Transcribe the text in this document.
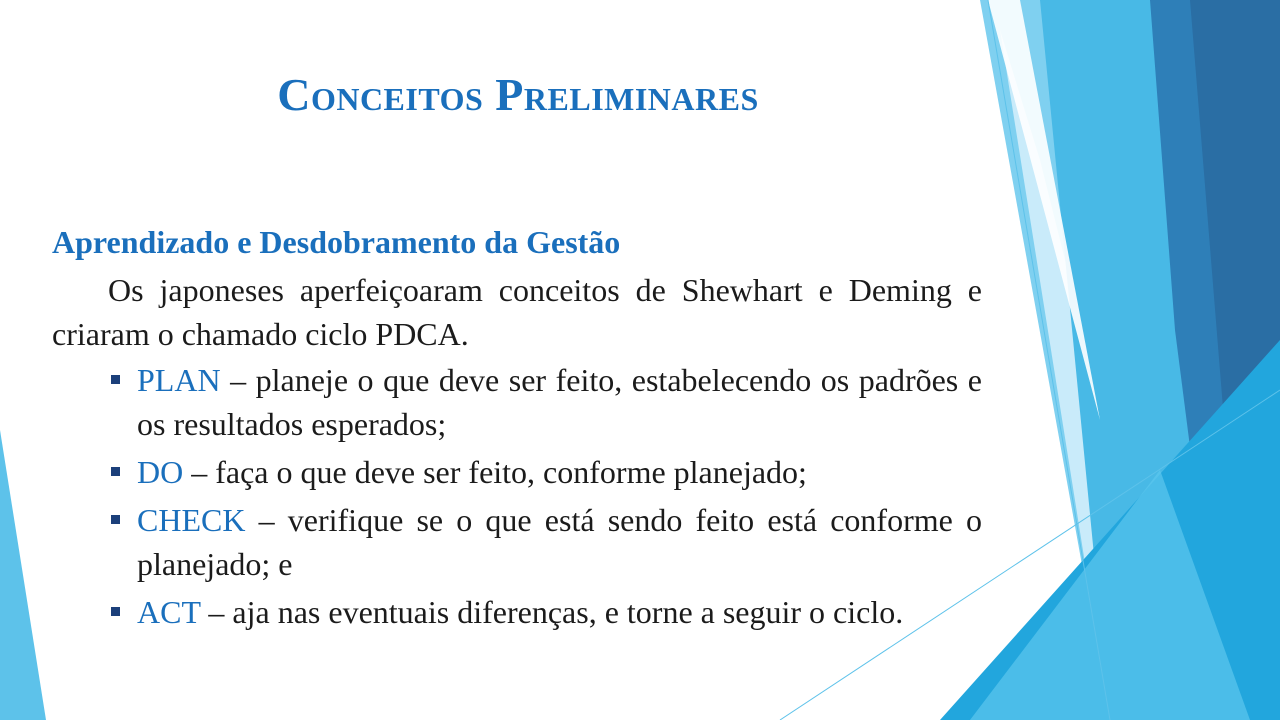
Conceitos Preliminares

Aprendizado e Desdobramento da Gestão

Os japoneses aperfeiçoaram conceitos de Shewhart e Deming e criaram o chamado ciclo PDCA.

PLAN – planeje o que deve ser feito, estabelecendo os padrões e os resultados esperados;
DO – faça o que deve ser feito, conforme planejado;
CHECK – verifique se o que está sendo feito está conforme o planejado; e
ACT – aja nas eventuais diferenças, e torne a seguir o ciclo.
